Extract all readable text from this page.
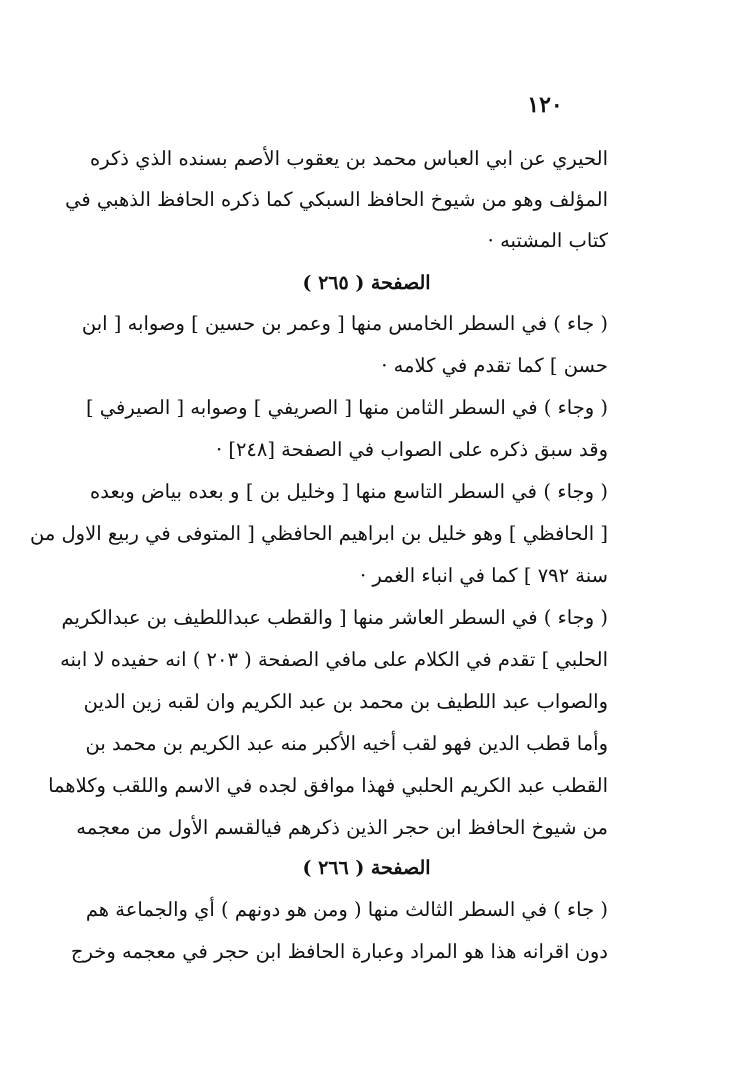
١٢٠
الحيري عن ابي العباس محمد بن يعقوب الأصم بسنده الذي ذكره
المؤلف وهو من شيوخ الحافظ السبكي كما ذكره الحافظ الذهبي في
كتاب المشتبه ·
الصفحة ( ٢٦٥ )
( جاء ) في السطر الخامس منها [ وعمر بن حسين ] وصوابه [ ابن
حسن ] كما تقدم في كلامه ·
( وجاء ) في السطر الثامن منها [ الصريفي ] وصوابه [ الصيرفي ]
وقد سبق ذكره على الصواب في الصفحة [٢٤٨] ·
( وجاء ) في السطر التاسع منها [ وخليل بن ] و بعده بياض وبعده
[ الحافظي ] وهو خليل بن ابراهيم الحافظي [ المتوفى في ربيع الاول من
سنة ٧٩٢ ] كما في انباء الغمر ·
( وجاء ) في السطر العاشر منها [ والقطب عبداللطيف بن عبدالكريم
الحلبي ] تقدم في الكلام على مافي الصفحة ( ٢٠٣ ) انه حفيده لا ابنه
والصواب عبد اللطيف بن محمد بن عبد الكريم وان لقبه زين الدين
وأما قطب الدين فهو لقب أخيه الأكبر منه عبد الكريم بن محمد بن
القطب عبد الكريم الحلبي فهذا موافق لجده في الاسم واللقب وكلاهما
من شيوخ الحافظ ابن حجر الذين ذكرهم فيالقسم الأول من معجمه
الصفحة ( ٢٦٦ )
( جاء ) في السطر الثالث منها ( ومن هو دونهم ) أي والجماعة هم
دون اقرانه هذا هو المراد وعبارة الحافظ ابن حجر في معجمه وخرج
